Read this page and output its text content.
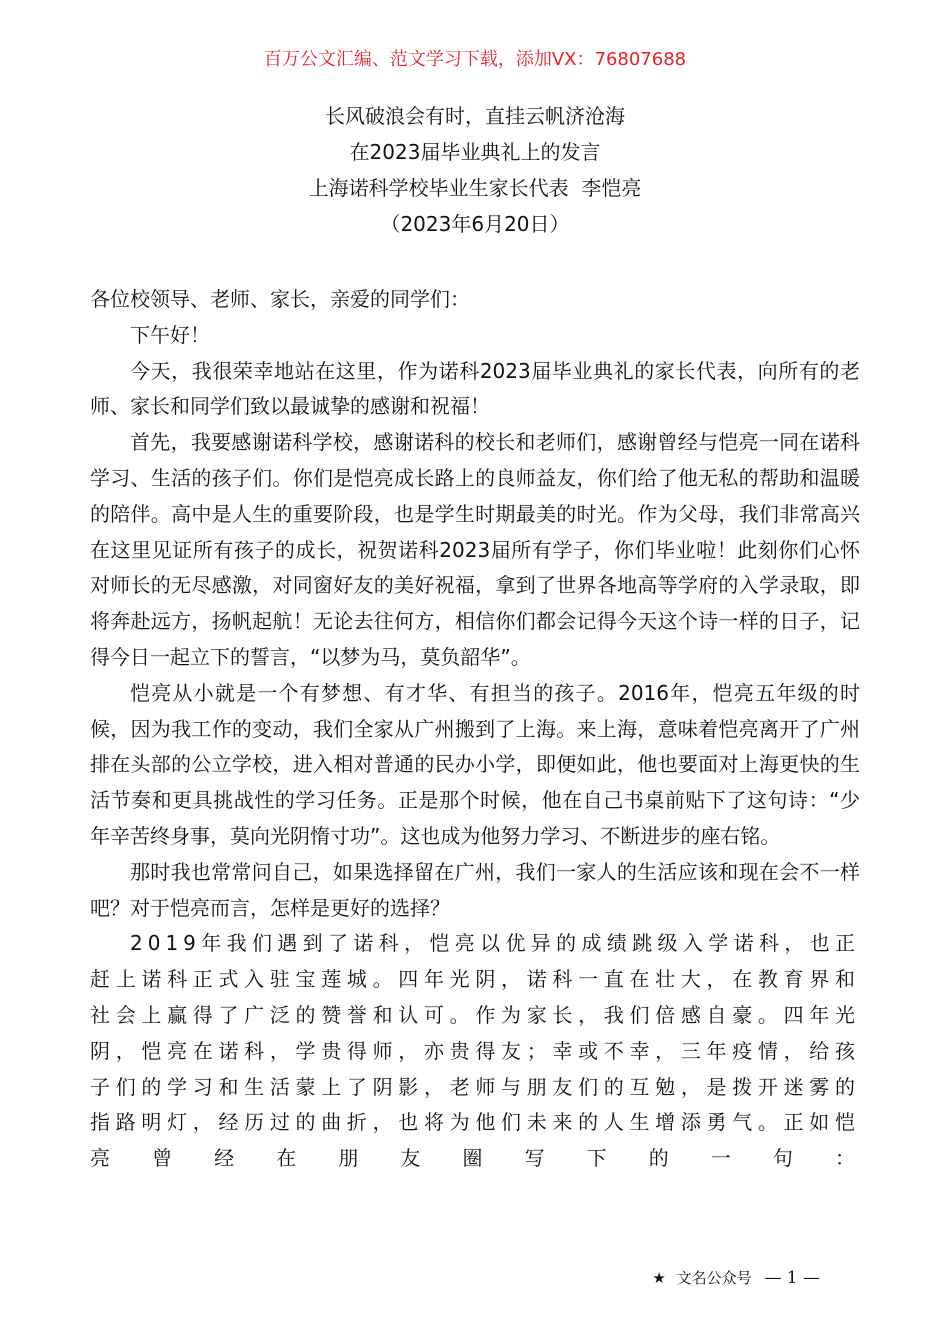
百万公文汇编、范文学习下载，添加VX：76807688
长风破浪会有时，直挂云帆济沧海
在2023届毕业典礼上的发言
上海诺科学校毕业生家长代表  李恺亮
（2023年6月20日）

各位校领导、老师、家长，亲爱的同学们：

下午好！

今天，我很荣幸地站在这里，作为诺科2023届毕业典礼的家长代表，向所有的老师、家长和同学们致以最诚挚的感谢和祝福！

首先，我要感谢诺科学校，感谢诺科的校长和老师们，感谢曾经与恺亮一同在诺科学习、生活的孩子们。你们是恺亮成长路上的良师益友，你们给了他无私的帮助和温暖的陪伴。高中是人生的重要阶段，也是学生时期最美的时光。作为父母，我们非常高兴在这里见证所有孩子的成长，祝贺诺科2023届所有学子，你们毕业啦！此刻你们心怀对师长的无尽感激，对同窗好友的美好祝福，拿到了世界各地高等学府的入学录取，即将奔赴远方，扬帆起航！无论去往何方，相信你们都会记得今天这个诗一样的日子，记得今日一起立下的誓言，“以梦为马，莫负韶华”。

恺亮从小就是一个有梦想、有才华、有担当的孩子。2016年，恺亮五年级的时候，因为我工作的变动，我们全家从广州搬到了上海。来上海，意味着恺亮离开了广州排在头部的公立学校，进入相对普通的民办小学，即便如此，他也要面对上海更快的生活节奏和更具挑战性的学习任务。正是那个时候，他在自己书桌前贴下了这句诗：“少年辛苦终身事，莫向光阴惰寸功”。这也成为他努力学习、不断进步的座右铭。

那时我也常常问自己，如果选择留在广州，我们一家人的生活应该和现在会不一样吧？对于恺亮而言，怎样是更好的选择？

2019年我们遇到了诺科，恺亮以优异的成绩跳级入学诺科，也正赶上诺科正式入驻宝莲城。四年光阴，诺科一直在壮大，在教育界和社会上赢得了广泛的赞誉和认可。作为家长，我们倍感自豪。四年光阴，恺亮在诺科，学贵得师，亦贵得友；幸或不幸，三年疫情，给孩子们的学习和生活蒙上了阴影，老师与朋友们的互勉，是拨开迷雾的指路明灯，经历过的曲折，也将为他们未来的人生增添勇气。正如恺亮曾经在朋友圈写下的一句：

★ 文名公众号 — 1 —
